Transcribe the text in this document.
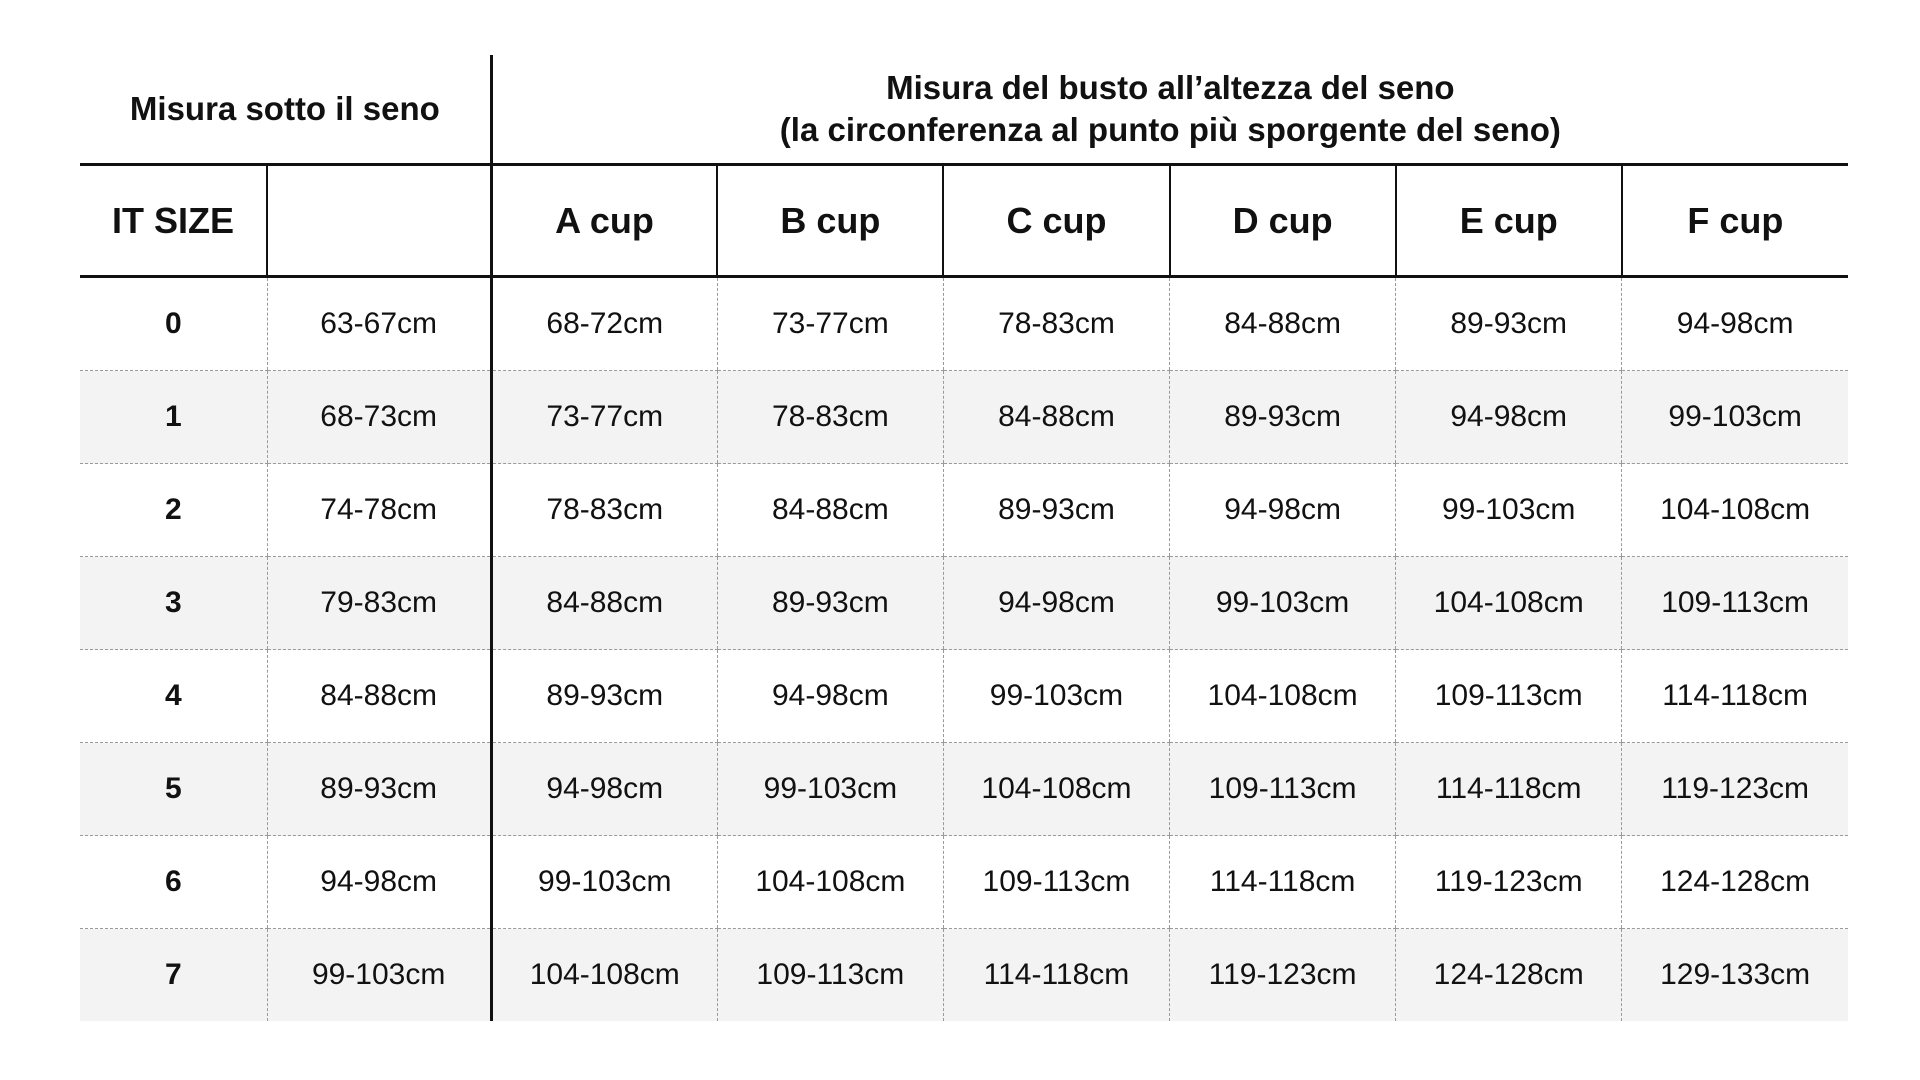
Misura sotto il seno		Misura del busto all’altezza del seno
(la circonferenza al punto più sporgente del seno)					

IT SIZE		A cup	B cup	C cup	D cup	E cup	F cup
0	63-67cm	68-72cm	73-77cm	78-83cm	84-88cm	89-93cm	94-98cm
1	68-73cm	73-77cm	78-83cm	84-88cm	89-93cm	94-98cm	99-103cm
2	74-78cm	78-83cm	84-88cm	89-93cm	94-98cm	99-103cm	104-108cm
3	79-83cm	84-88cm	89-93cm	94-98cm	99-103cm	104-108cm	109-113cm
4	84-88cm	89-93cm	94-98cm	99-103cm	104-108cm	109-113cm	114-118cm
5	89-93cm	94-98cm	99-103cm	104-108cm	109-113cm	114-118cm	119-123cm
6	94-98cm	99-103cm	104-108cm	109-113cm	114-118cm	119-123cm	124-128cm
7	99-103cm	104-108cm	109-113cm	114-118cm	119-123cm	124-128cm	129-133cm
